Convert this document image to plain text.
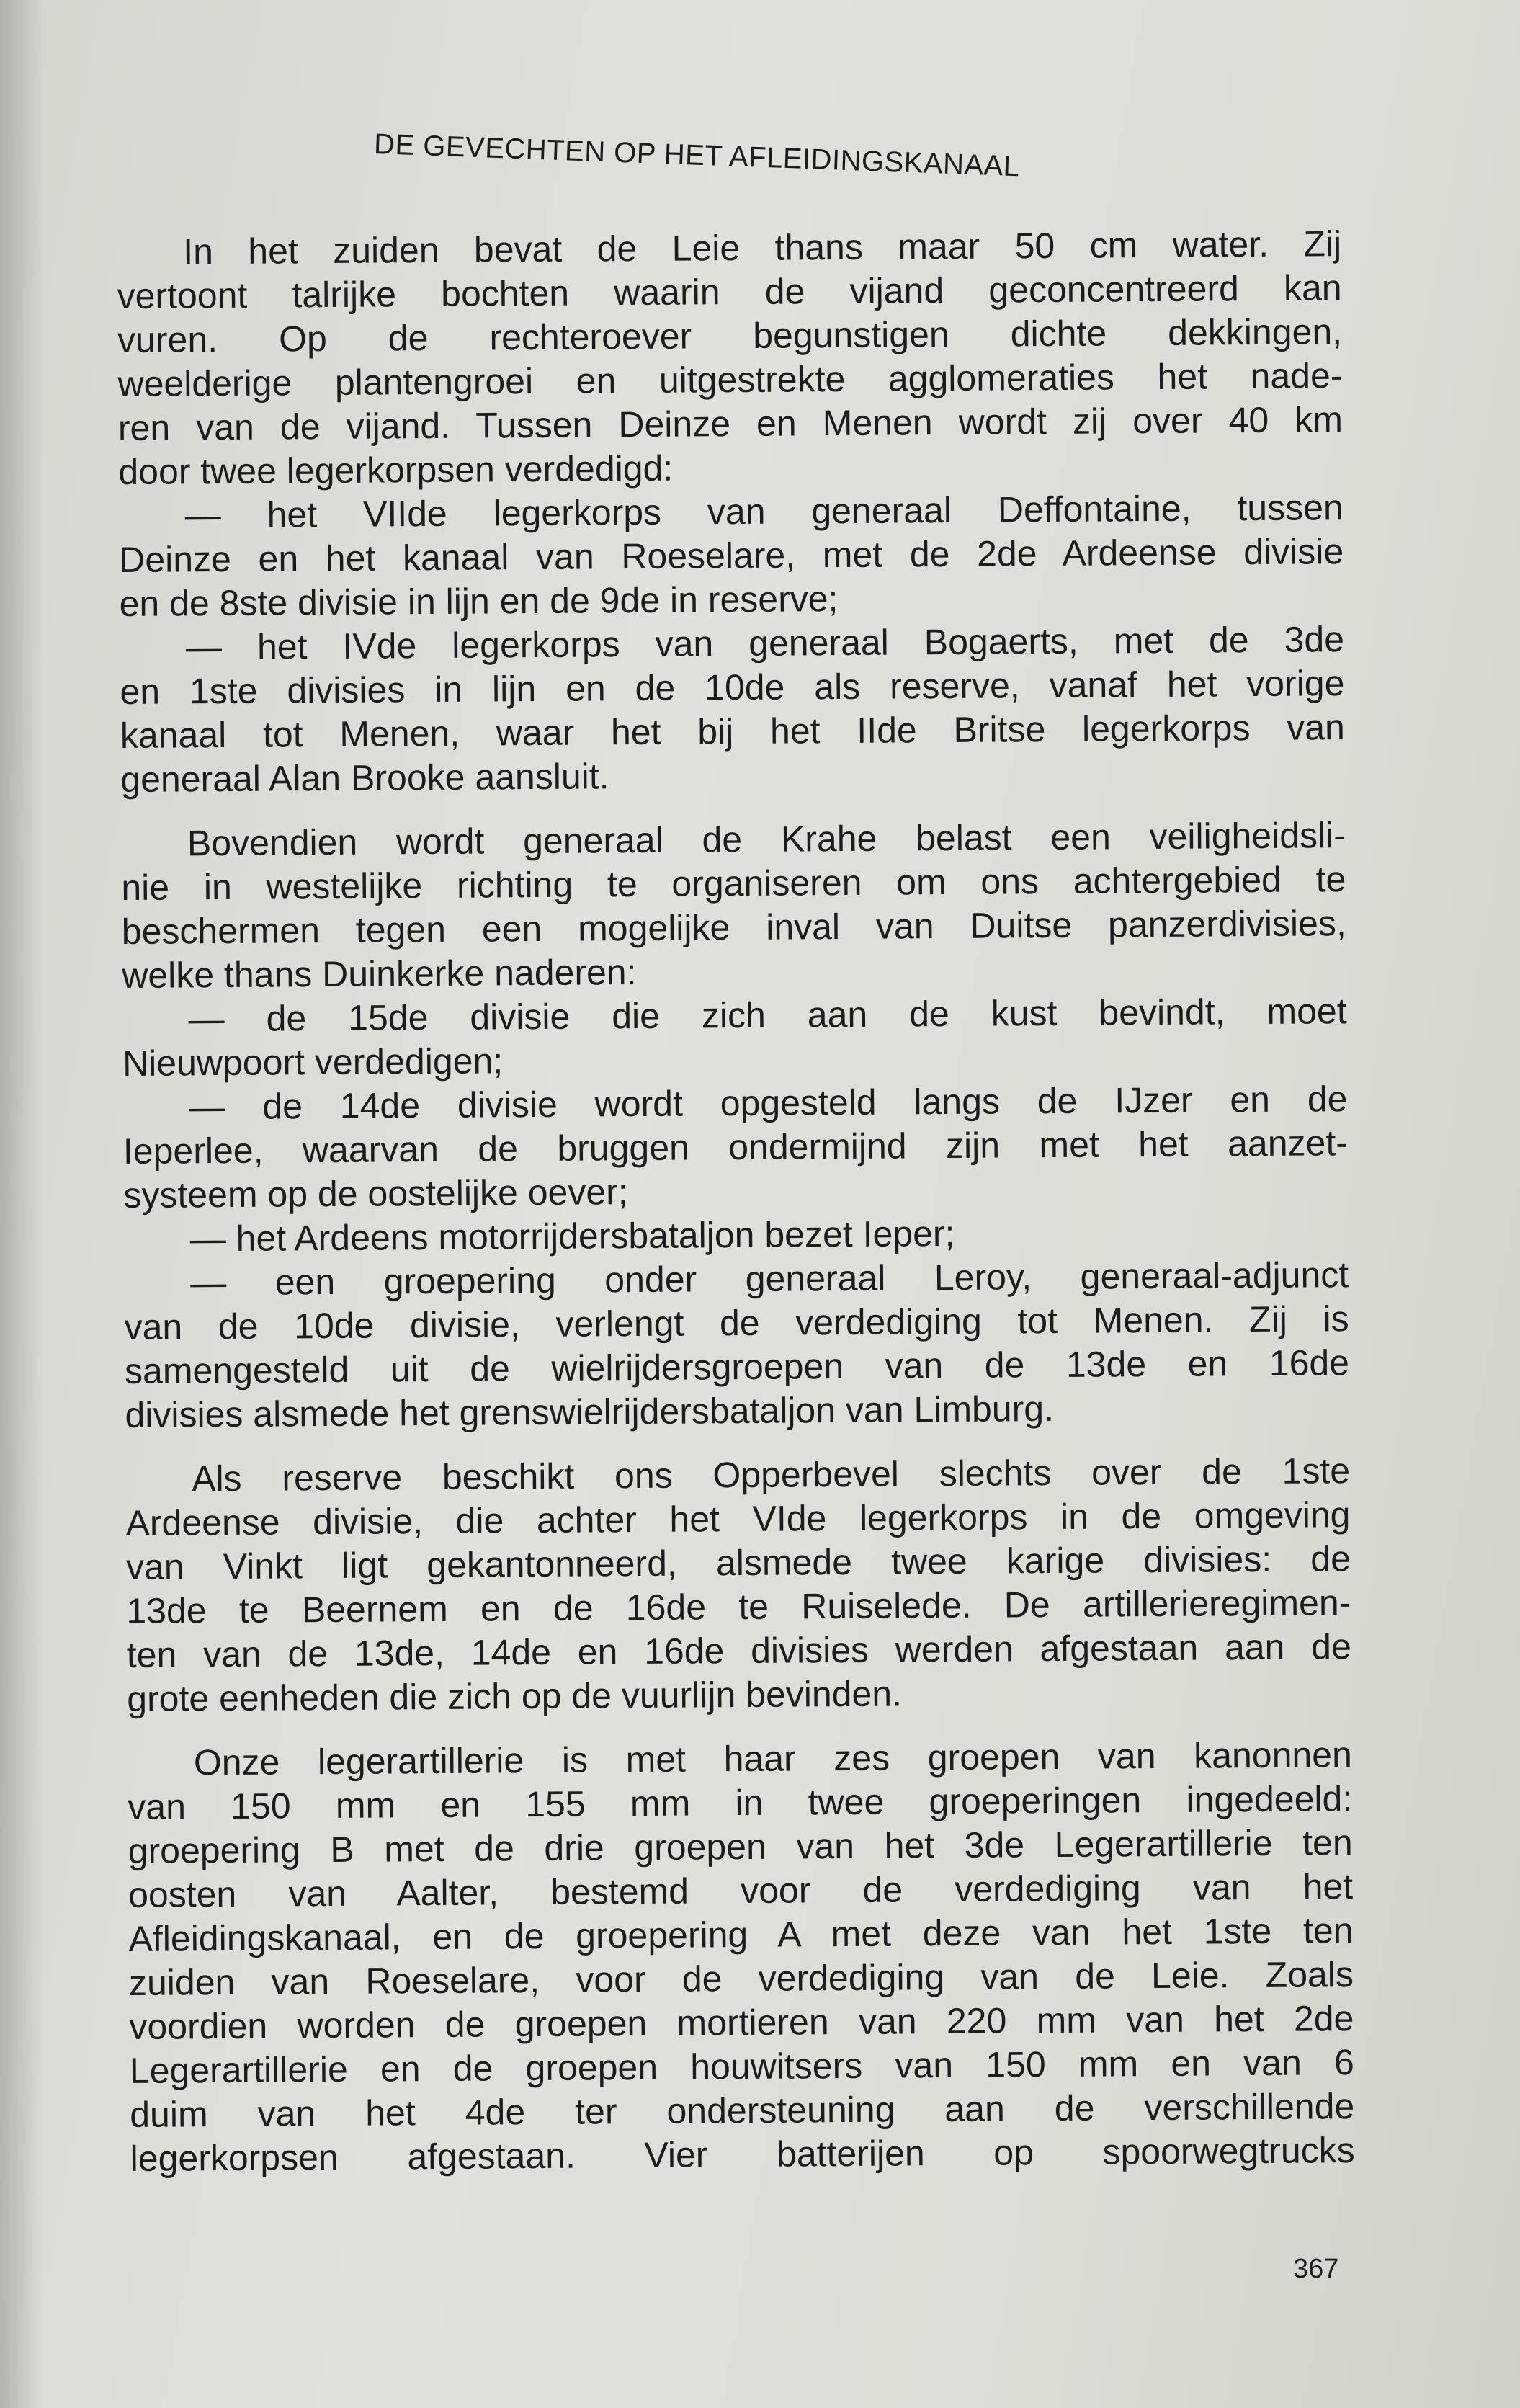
DE GEVECHTEN OP HET AFLEIDINGSKANAAL
In het zuiden bevat de Leie thans maar 50 cm water. Zij
vertoont talrijke bochten waarin de vijand geconcentreerd kan
vuren. Op de rechteroever begunstigen dichte dekkingen,
weelderige plantengroei en uitgestrekte agglomeraties het nade-
ren van de vijand. Tussen Deinze en Menen wordt zij over 40 km
door twee legerkorpsen verdedigd:
— het VIIde legerkorps van generaal Deffontaine, tussen
Deinze en het kanaal van Roeselare, met de 2de Ardeense divisie
en de 8ste divisie in lijn en de 9de in reserve;
— het IVde legerkorps van generaal Bogaerts, met de 3de
en 1ste divisies in lijn en de 10de als reserve, vanaf het vorige
kanaal tot Menen, waar het bij het IIde Britse legerkorps van
generaal Alan Brooke aansluit.
Bovendien wordt generaal de Krahe belast een veiligheidsli-
nie in westelijke richting te organiseren om ons achtergebied te
beschermen tegen een mogelijke inval van Duitse panzerdivisies,
welke thans Duinkerke naderen:
— de 15de divisie die zich aan de kust bevindt, moet
Nieuwpoort verdedigen;
— de 14de divisie wordt opgesteld langs de IJzer en de
Ieperlee, waarvan de bruggen ondermijnd zijn met het aanzet-
systeem op de oostelijke oever;
— het Ardeens motorrijdersbataljon bezet Ieper;
— een groepering onder generaal Leroy, generaal-adjunct
van de 10de divisie, verlengt de verdediging tot Menen. Zij is
samengesteld uit de wielrijdersgroepen van de 13de en 16de
divisies alsmede het grenswielrijdersbataljon van Limburg.
Als reserve beschikt ons Opperbevel slechts over de 1ste
Ardeense divisie, die achter het VIde legerkorps in de omgeving
van Vinkt ligt gekantonneerd, alsmede twee karige divisies: de
13de te Beernem en de 16de te Ruiselede. De artillerieregimen-
ten van de 13de, 14de en 16de divisies werden afgestaan aan de
grote eenheden die zich op de vuurlijn bevinden.
Onze legerartillerie is met haar zes groepen van kanonnen
van 150 mm en 155 mm in twee groeperingen ingedeeld:
groepering B met de drie groepen van het 3de Legerartillerie ten
oosten van Aalter, bestemd voor de verdediging van het
Afleidingskanaal, en de groepering A met deze van het 1ste ten
zuiden van Roeselare, voor de verdediging van de Leie. Zoals
voordien worden de groepen mortieren van 220 mm van het 2de
Legerartillerie en de groepen houwitsers van 150 mm en van 6
duim van het 4de ter ondersteuning aan de verschillende
legerkorpsen afgestaan. Vier batterijen op spoorwegtrucks
367
